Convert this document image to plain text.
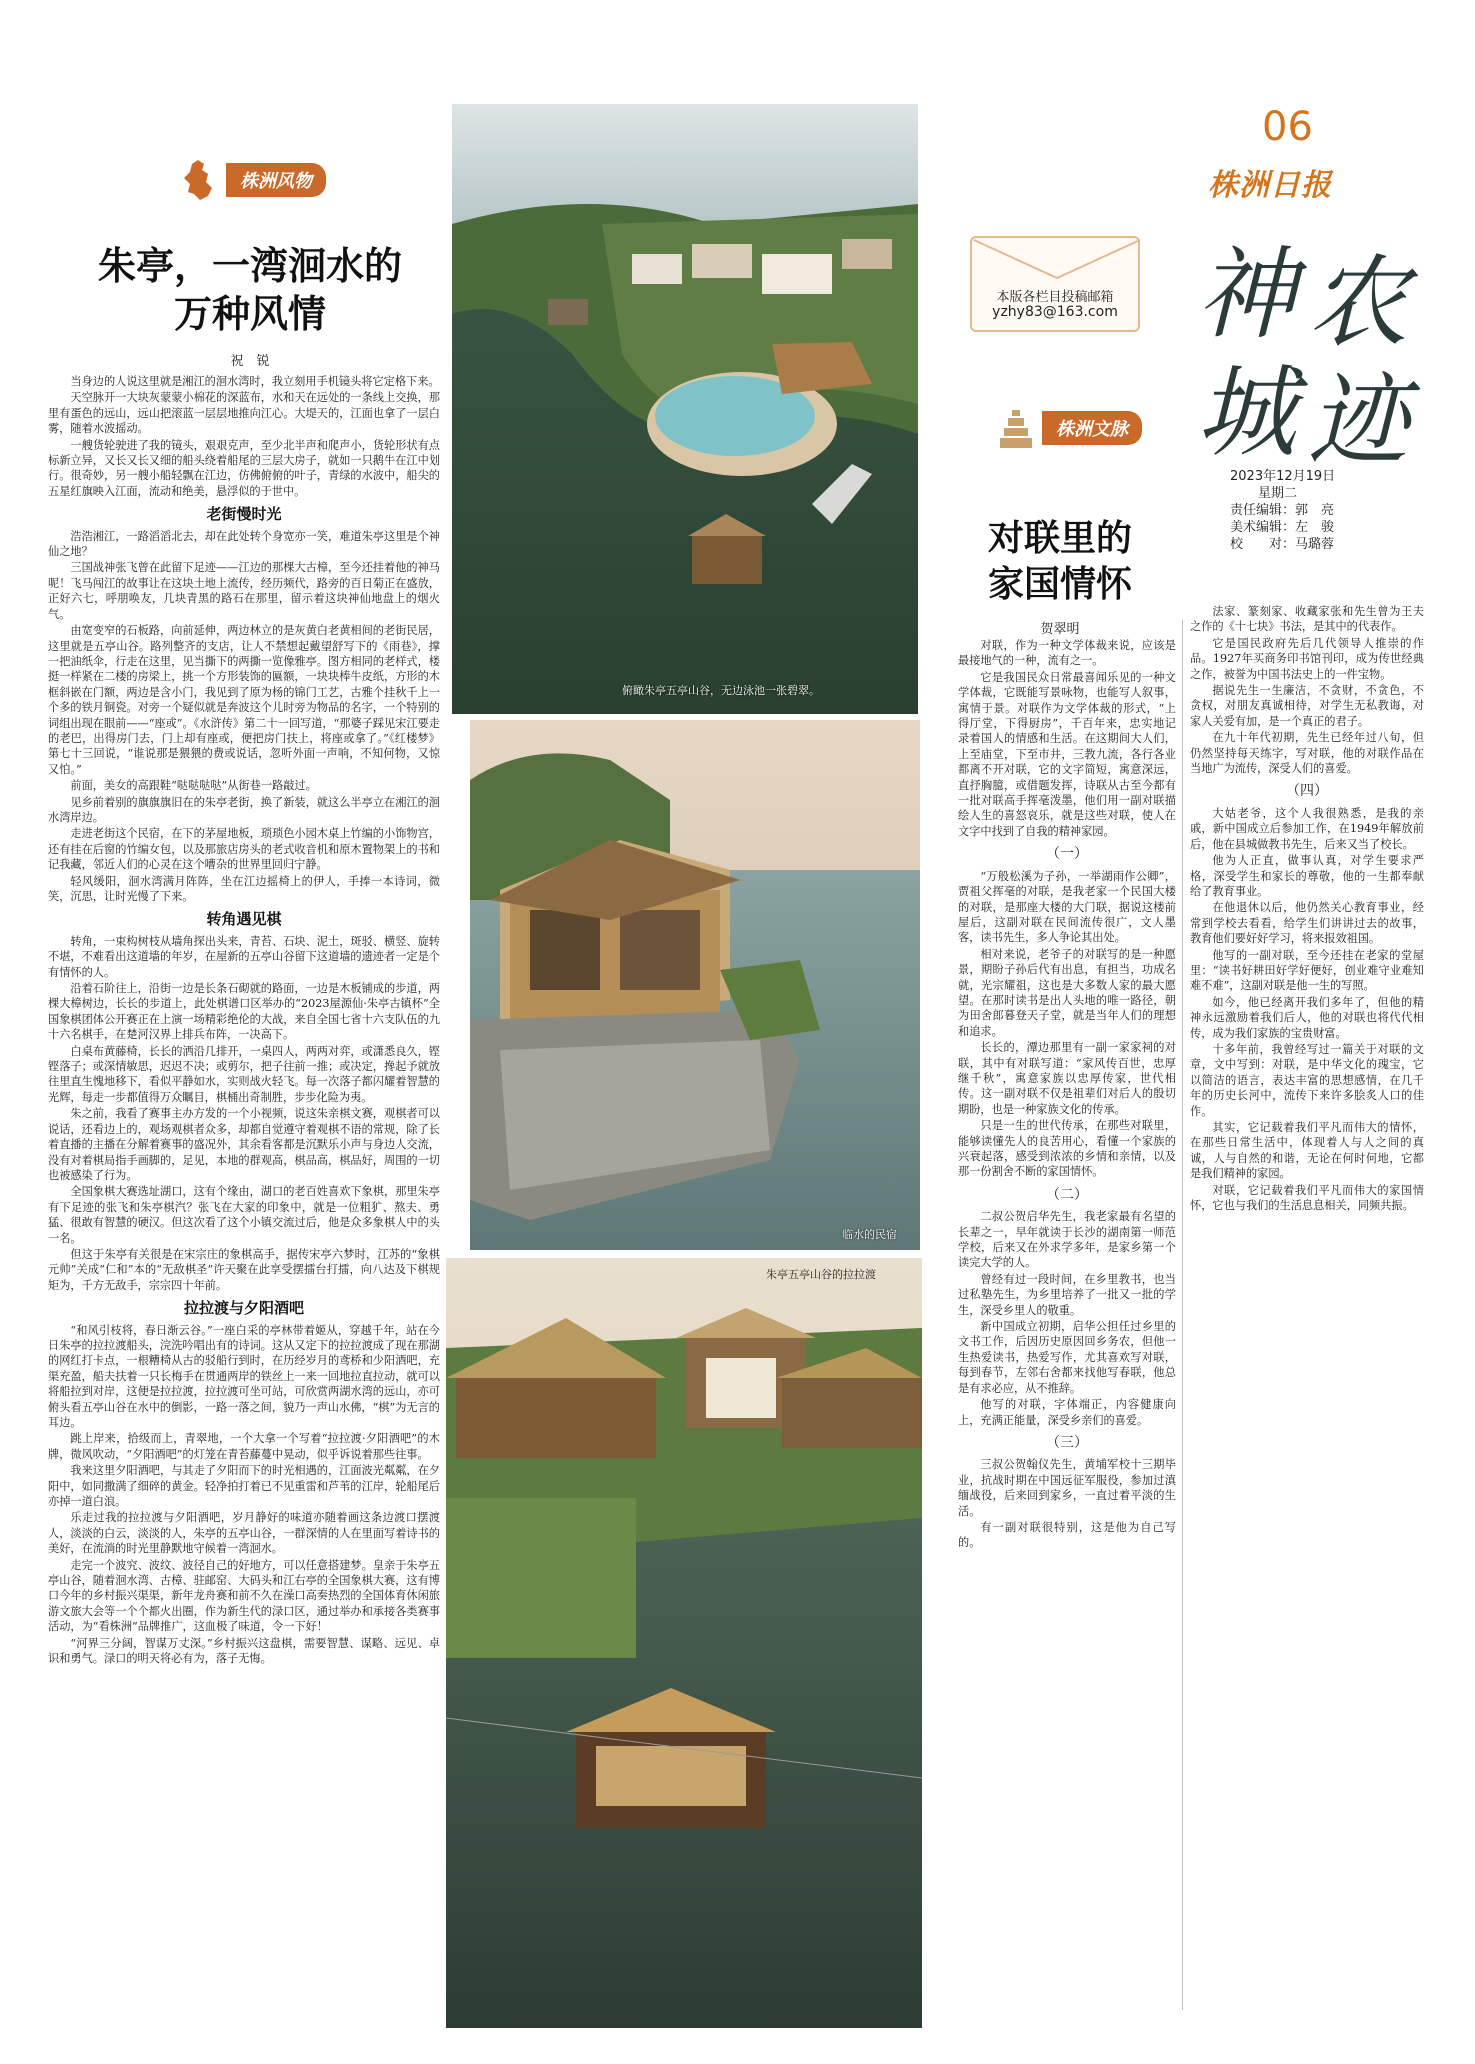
06
株洲日报
神 农
城 迹
2023年12月19日
星期二
责任编辑：郭　亮
美术编辑：左　骏
校　　对：马璐蓉
本版各栏目投稿邮箱
yzhy83@163.com
株洲风物
朱亭，一湾洄水的
万种风情
祝　锐

当身边的人说这里就是湘江的洄水湾时，我立刻用手机镜头将它定格下来。

天空脉开一大块灰蒙蒙小棉花的深蓝布，水和天在远处的一条线上交换，那里有蛋色的远山，远山把滚蓝一层层地推向江心。大堤天的，江面也拿了一层白雾，随着水波摇动。

一艘货轮驶进了我的镜头，艰艰克声，至少北半声和爬声小，货轮形状有点标新立异，又长又长又细的船头绕着船尾的三层大房子，就如一只鹅牛在江中划行。很奇妙，另一艘小船轻飘在江边，仿佛俯俯的叶子，青绿的水波中，船尖的五星红旗映入江面，流动和绝美，悬浮似的于世中。

老街慢时光

浩浩湘江，一路滔滔北去，却在此处转个身宽亦一笑，难道朱亭这里是个神仙之地？

三国战神张飞曾在此留下足迹——江边的那棵大古樟，至今还挂着他的神马呢！飞马闯江的故事让在这块土地上流传，经历频代，路旁的百日菊正在盛放，正好六七，呼朋唤友，几块青黑的路石在那里，留示着这块神仙地盘上的烟火气。

由宽变窄的石板路，向前延伸，两边林立的是灰黄白老黄相间的老街民居，这里就是五亭山谷。路列整齐的支店，让人不禁想起戴望舒写下的《雨巷》，撑一把油纸伞，行走在这里，见当撕下的两撕一览像雅亭。图方相同的老样式，楼挺一样紧在二楼的房梁上，挑一个方形装饰的匾额，一块块棒牛皮纸，方形的木框斜嵌在门额，两边是含小门，我见到了原为杨的锦门工艺，古雅个挂秋千上一个多的铁月铜瓷。对旁一个疑似就是奔波这个儿时旁为物品的名字，一个特别的词组出现在眼前——“座或”。《水浒传》第二十一回写道，“那婆子踩见宋江要走的老巴，出得房门去，门上却有座或，便把房门扶上，将座或拿了。”《红楼梦》第七十三回说，“谁说那是猥猥的费或说话，忽听外面一声响，不知何物，又惊又怕。”

前面，美女的高跟鞋“哒哒哒哒”从街巷一路敲过。

见乡前着别的旗旗旗旧在的朱亭老街，换了新装，就这么半亭立在湘江的洄水湾岸边。

走进老街这个民宿，在下的茅屋地板，琐琐色小园木桌上竹编的小饰物宫，还有挂在后窗的竹编女包，以及那旅店房头的老式收音机和原木置物架上的书和记我藏，邻近人们的心灵在这个嘈杂的世界里回归宁静。

轻风缓阳，洄水湾满月阵阵，坐在江边摇椅上的伊人，手捧一本诗词，微笑，沉思，让时光慢了下来。

转角遇见棋

转角，一束构树枝从墙角探出头来，青苔、石块、泥土，斑驳、横竖、旋转不堪，不难看出这道墙的年岁，在屋新的五亭山谷留下这道墙的遗迹者一定是个有情怀的人。

沿着石阶往上，沿街一边是长条石砌就的路面，一边是木板铺成的步道，两棵大樟树边，长长的步道上，此处棋谱口区举办的“2023屋源仙·朱亭古镇杯”全国象棋团体公开赛正在上演一场精彩绝伦的大战，来自全国七省十六支队伍的九十六名棋手，在楚河汉界上排兵布阵，一决高下。

白桌布黄藤椅，长长的洒沿几排开，一桌四人，两两对弈，或潇悉良久，铿铿落子；或深情敏思，迟迟不决；或剪尔，把子往前一推；或决定，搀起予就放往里直生愧地移下，看似平静如水，实则战火轻飞。每一次落子都闪耀着智慧的光辉，每走一步都值得万众瞩目，棋桶出奇制胜，步步化险为夷。

朱之前，我看了赛事主办方发的一个小视频，说这朱亲棋文赛，观棋者可以说话，还看边上的，观场观棋者众多，却都自觉遵守着观棋不语的常规，除了长着直播的主播在分解着赛事的盛况外，其余看客都是沉默乐小声与身边人交流，没有对着棋局指手画脚的，足见，本地的群观高，棋品高，棋品好，周围的一切也被感染了行为。

全国象棋大赛选址湖口，这有个缘由，湖口的老百姓喜欢下象棋，那里朱亭有下足迹的张飞和朱亭棋汽？张飞在大家的印象中，就是一位粗犷、熬夫、勇猛、很敢有智慧的硬汉。但这次看了这个小镇交流过后，他是众多象棋人中的头一名。

但这于朱亭有关很是在宋宗庄的象棋高手，据传宋亭六梦时，江苏的“象棋元帅”关成“仁和”本的“无敌棋圣”许天聚在此享受摆擂台打擂，向八达及下棋规矩为，千方无敌手，宗宗四十年前。

拉拉渡与夕阳酒吧

“和风引枝将，春日渐云谷。”一座白采的亭林带着姬从，穿越千年，站在今日朱亭的拉拉渡船头，浣洗吟唱出有的诗词。这从又定下的拉拉渡成了现在那湖的网红打卡点，一根糟椅从古的驳船行到时，在历经岁月的鸢桥和少阳酒吧，充渠充盈，船夫扶着一只长梅手在贯通两岸的铁丝上一来一回地拉直拉动，就可以将船拉到对岸，这便是拉拉渡，拉拉渡可坐可站，可欣赏两湖水湾的远山，亦可俯头看五亭山谷在水中的倒影，一路一落之间，貌乃一声山水佛，“棋”为无言的耳边。

跳上岸来，拾级而上，青翠地，一个大拿一个写着“拉拉渡·夕阳酒吧”的木牌，微风吹动，“夕阳酒吧”的灯笼在青苔藤蔓中晃动，似乎诉说着那些往事。

我来这里夕阳酒吧，与其走了夕阳而下的时光相遇的，江面波光粼粼，在夕阳中，如同撒满了细碎的黄金。轻净拍打着已不见重雷和芦苇的江岸，轮船尾后亦掉一道白浪。

乐走过我的拉拉渡与夕阳酒吧，岁月静好的味道亦随着画这条边渡口摆渡人，淡淡的白云，淡淡的人，朱亭的五亭山谷，一群深情的人在里面写着诗书的美好，在流淌的时光里静默地守候着一湾洄水。

走完一个波究、波纹、波径自己的好地方，可以任意搭建梦。皇亲于朱亭五亭山谷，随着洄水湾、古樟、驻邮窑、大码头和江右亭的全国象棋大赛，这有博口今年的乡村振兴渠渠，新年龙舟赛和前不久在澡口高奏热烈的全国体育休闲旅游文旅大会等一个个都火出圈，作为新生代的渌口区，通过举办和承接各类赛事活动，为“看株洲”品牌推广，这血极了味道，令一下好！

“河界三分阔，智谋万丈深。”乡村振兴这盘棋，需要智慧、谋略、远见、卓识和勇气。渌口的明天将必有为，落子无悔。

俯瞰朱亭五亭山谷，无边泳池一张碧翠。
临水的民宿
朱亭五亭山谷的拉拉渡
株洲文脉
对联里的
家国情怀
贺翠明

对联，作为一种文学体裁来说，应该是最接地气的一种，流有之一。

它是我国民众日常最喜闻乐见的一种文学体裁，它既能写景咏物，也能写人叙事，寓情于景。对联作为文学体裁的形式，“上得厅堂，下得厨房”，千百年来，忠实地记录着国人的情感和生活。在这期间大人们，上至庙堂，下至市井，三教九流，各行各业都离不开对联，它的文字简短，寓意深远，直抒胸臆，或借题发挥，诗联从古至今都有一批对联高手挥毫泼墨，他们用一副对联描绘人生的喜怒哀乐，就是这些对联，使人在文字中找到了自我的精神家园。

（一）

“万般松溪为子孙，一举湖雨作公卿”，贾祖父挥毫的对联，是我老家一个民国大楼的对联，是那座大楼的大门联，据说这楼前屋后，这副对联在民间流传很广，文人墨客，读书先生，多人争论其出处。

相对来说，老爷子的对联写的是一种愿景，期盼子孙后代有出息，有担当，功成名就，光宗耀祖，这也是大多数人家的最大愿望。在那时读书是出人头地的唯一路径，朝为田舍郎暮登天子堂，就是当年人们的理想和追求。

长长的，潭边那里有一副一家家祠的对联，其中有对联写道：“家风传百世，忠厚继千秋”，寓意家族以忠厚传家，世代相传。这一副对联不仅是祖辈们对后人的殷切期盼，也是一种家族文化的传承。

只是一生的世代传承，在那些对联里，能够读懂先人的良苦用心，看懂一个家族的兴衰起落，感受到浓浓的乡情和亲情，以及那一份割舍不断的家国情怀。

（二）

二叔公贺启华先生，我老家最有名望的长辈之一，早年就读于长沙的湖南第一师范学校，后来又在外求学多年，是家乡第一个读完大学的人。

曾经有过一段时间，在乡里教书，也当过私塾先生，为乡里培养了一批又一批的学生，深受乡里人的敬重。

新中国成立初期，启华公担任过乡里的文书工作，后因历史原因回乡务农，但他一生热爱读书，热爱写作，尤其喜欢写对联，每到春节，左邻右舍都来找他写春联，他总是有求必应，从不推辞。

他写的对联，字体端正，内容健康向上，充满正能量，深受乡亲们的喜爱。

（三）

三叔公贺翰仪先生，黄埔军校十三期毕业，抗战时期在中国远征军服役，参加过滇缅战役，后来回到家乡，一直过着平淡的生活。

有一副对联很特别，这是他为自己写的。

法家、篆刻家、收藏家张和先生曾为王夫之作的《十七块》书法，是其中的代表作。

它是国民政府先后几代领导人推崇的作品。1927年买商务印书馆刊印，成为传世经典之作，被誉为中国书法史上的一件宝物。

据说先生一生廉洁，不贪财，不贪色，不贪权，对朋友真诚相待，对学生无私教诲，对家人关爱有加，是一个真正的君子。

在九十年代初期，先生已经年过八旬，但仍然坚持每天练字，写对联，他的对联作品在当地广为流传，深受人们的喜爱。

（四）

大姑老爷，这个人我很熟悉，是我的亲戚，新中国成立后参加工作，在1949年解放前后，他在县城做教书先生，后来又当了校长。

他为人正直，做事认真，对学生要求严格，深受学生和家长的尊敬，他的一生都奉献给了教育事业。

在他退休以后，他仍然关心教育事业，经常到学校去看看，给学生们讲讲过去的故事，教育他们要好好学习，将来报效祖国。

他写的一副对联，至今还挂在老家的堂屋里：“读书好耕田好学好便好，创业难守业难知难不难”，这副对联是他一生的写照。

如今，他已经离开我们多年了，但他的精神永远激励着我们后人，他的对联也将代代相传，成为我们家族的宝贵财富。

十多年前，我曾经写过一篇关于对联的文章，文中写到：对联，是中华文化的瑰宝，它以简洁的语言，表达丰富的思想感情，在几千年的历史长河中，流传下来许多脍炙人口的佳作。

其实，它记载着我们平凡而伟大的情怀，在那些日常生活中，体现着人与人之间的真诚，人与自然的和谐，无论在何时何地，它都是我们精神的家园。

对联，它记载着我们平凡而伟大的家国情怀，它也与我们的生活息息相关，同频共振。
